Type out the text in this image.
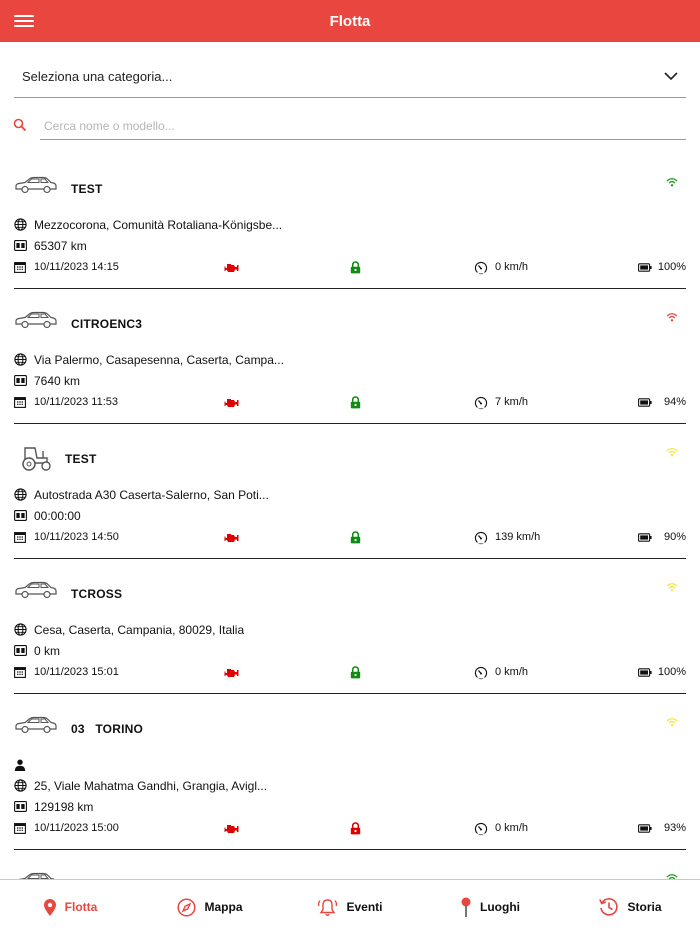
Flotta
Seleziona una categoria...
Cerca nome o modello...
TEST
Mezzocorona, Comunità Rotaliana-Königsbe...
65307 km
10/11/2023 14:15	0 km/h	100%
CITROENC3
Via Palermo, Casapesenna, Caserta, Campa...
7640 km
10/11/2023 11:53	7 km/h	94%
TEST
Autostrada A30 Caserta-Salerno, San Poti...
00:00:00
10/11/2023 14:50	139 km/h	90%
TCROSS
Cesa, Caserta, Campania, 80029, Italia
0 km
10/11/2023 15:01	0 km/h	100%
03   TORINO
25, Viale Mahatma Gandhi, Grangia, Avigl...
129198 km
10/11/2023 15:00	0 km/h	93%
Flotta	Mappa	Eventi	Luoghi	Storia
